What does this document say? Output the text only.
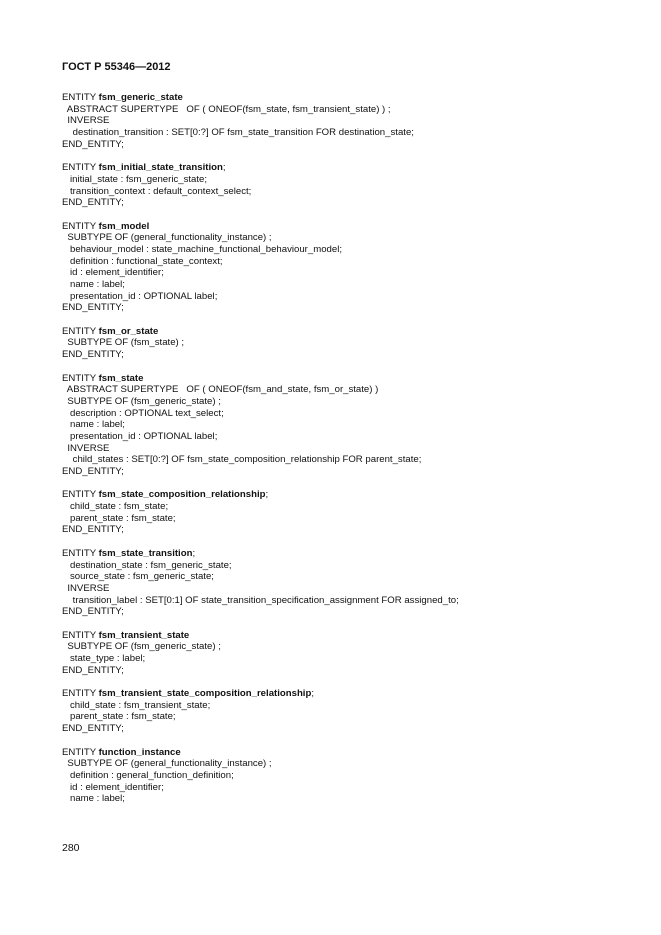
ГОСТ Р 55346—2012
ENTITY fsm_generic_state
ABSTRACT SUPERTYPE   OF ( ONEOF(fsm_state, fsm_transient_state) ) ;
INVERSE
destination_transition : SET[0:?] OF fsm_state_transition FOR destination_state;
END_ENTITY;
ENTITY fsm_initial_state_transition;
initial_state : fsm_generic_state;
transition_context : default_context_select;
END_ENTITY;
ENTITY fsm_model
SUBTYPE OF (general_functionality_instance) ;
behaviour_model : state_machine_functional_behaviour_model;
definition : functional_state_context;
id : element_identifier;
name : label;
presentation_id : OPTIONAL label;
END_ENTITY;
ENTITY fsm_or_state
SUBTYPE OF (fsm_state) ;
END_ENTITY;
ENTITY fsm_state
ABSTRACT SUPERTYPE   OF ( ONEOF(fsm_and_state, fsm_or_state) )
SUBTYPE OF (fsm_generic_state) ;
description : OPTIONAL text_select;
name : label;
presentation_id : OPTIONAL label;
INVERSE
child_states : SET[0:?] OF fsm_state_composition_relationship FOR parent_state;
END_ENTITY;
ENTITY fsm_state_composition_relationship;
child_state : fsm_state;
parent_state : fsm_state;
END_ENTITY;
ENTITY fsm_state_transition;
destination_state : fsm_generic_state;
source_state : fsm_generic_state;
INVERSE
transition_label : SET[0:1] OF state_transition_specification_assignment FOR assigned_to;
END_ENTITY;
ENTITY fsm_transient_state
SUBTYPE OF (fsm_generic_state) ;
state_type : label;
END_ENTITY;
ENTITY fsm_transient_state_composition_relationship;
child_state : fsm_transient_state;
parent_state : fsm_state;
END_ENTITY;
ENTITY function_instance
SUBTYPE OF (general_functionality_instance) ;
definition : general_function_definition;
id : element_identifier;
name : label;
280
